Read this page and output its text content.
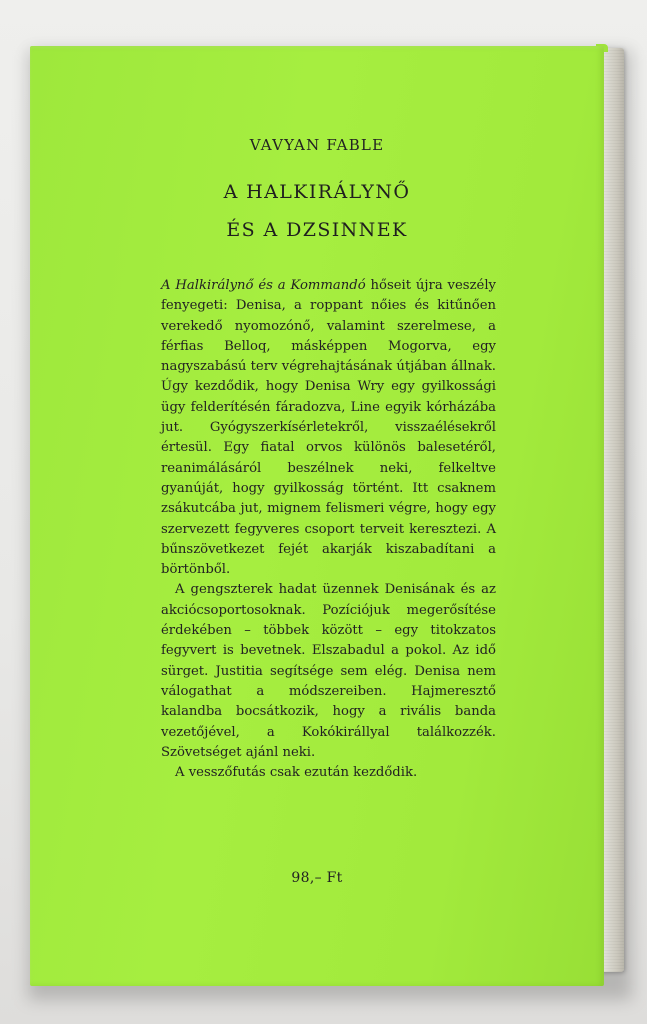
VAVYAN FABLE
A HALKIRÁLYNŐ
ÉS A DZSINNEK

A Halkirálynő és a Kommandó hőseit újra veszély fenyegeti: Denisa, a roppant nőies és kitűnően verekedő nyomozónő, valamint szerelmese, a férfias Belloq, másképpen Mogorva, egy nagyszabású terv végrehajtásának útjában állnak. Úgy kezdődik, hogy Denisa Wry egy gyilkossági ügy felderítésén fáradozva, Line egyik kórházába jut. Gyógyszerkísérletekről, visszaélésekről értesül. Egy fiatal orvos különös balesetéről, reanimálásáról beszélnek neki, felkeltve gyanúját, hogy gyilkosság történt. Itt csaknem zsákutcába jut, mignem felismeri végre, hogy egy szervezett fegyveres csoport terveit keresztezi. A bűnszövetkezet fejét akarják kiszabadítani a börtönből.

A gengszterek hadat üzennek Denisának és az akciócsoportosoknak. Pozíciójuk megerősítése érdekében – többek között – egy titokzatos fegyvert is bevetnek. Elszabadul a pokol. Az idő sürget. Justitia segítsége sem elég. Denisa nem válogathat a módszereiben. Hajmeresztő kalandba bocsátkozik, hogy a rivális banda vezetőjével, a Kokókirállyal találkozzék. Szövetséget ajánl neki.

A vesszőfutás csak ezután kezdődik.

98,– Ft
